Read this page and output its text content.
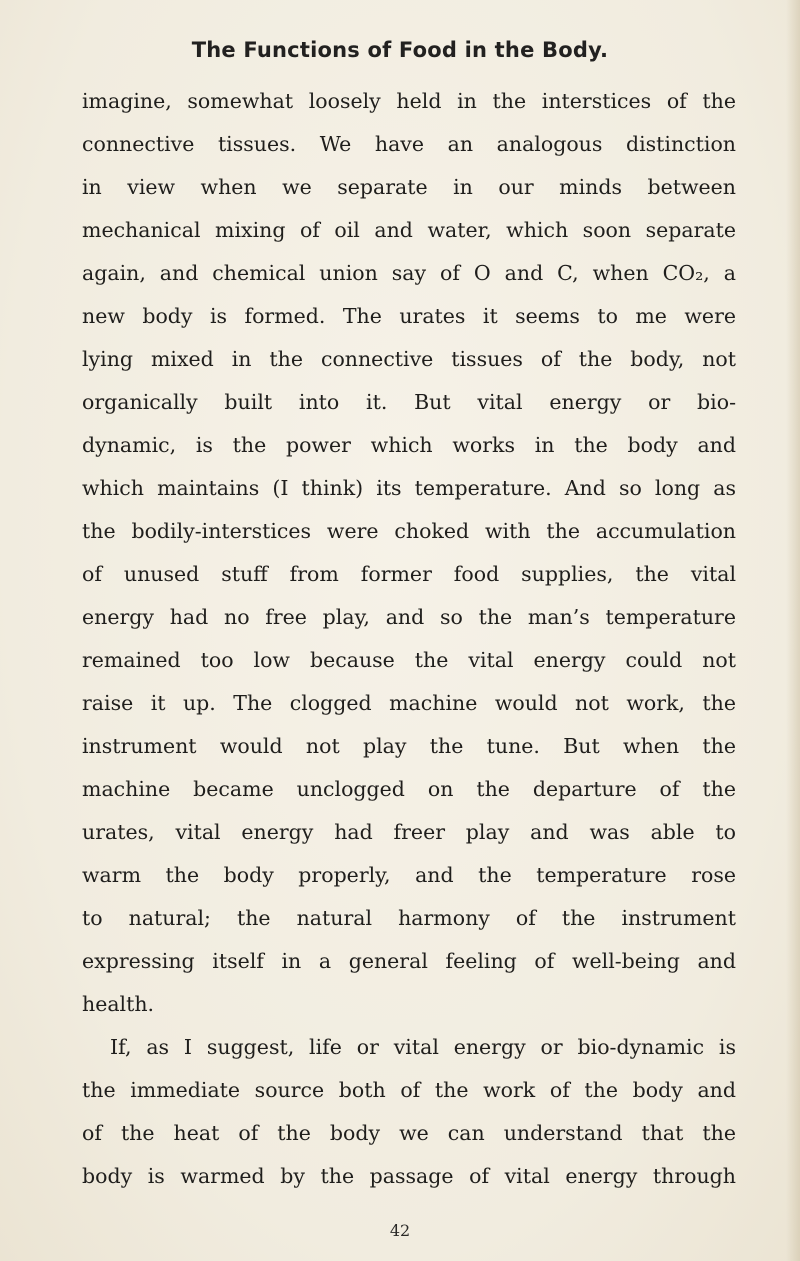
The Functions of Food in the Body.
imagine, somewhat loosely held in the interstices of the
connective tissues. We have an analogous distinction
in view when we separate in our minds between
mechanical mixing of oil and water, which soon separate
again, and chemical union say of O and C, when CO₂, a
new body is formed. The urates it seems to me were
lying mixed in the connective tissues of the body, not
organically built into it. But vital energy or bio-
dynamic, is the power which works in the body and
which maintains (I think) its temperature. And so long as
the bodily-interstices were choked with the accumulation
of unused stuff from former food supplies, the vital
energy had no free play, and so the man’s temperature
remained too low because the vital energy could not
raise it up. The clogged machine would not work, the
instrument would not play the tune. But when the
machine became unclogged on the departure of the
urates, vital energy had freer play and was able to
warm the body properly, and the temperature rose
to natural; the natural harmony of the instrument
expressing itself in a general feeling of well-being and
health.
If, as I suggest, life or vital energy or bio-dynamic is
the immediate source both of the work of the body and
of the heat of the body we can understand that the
body is warmed by the passage of vital energy through
42
